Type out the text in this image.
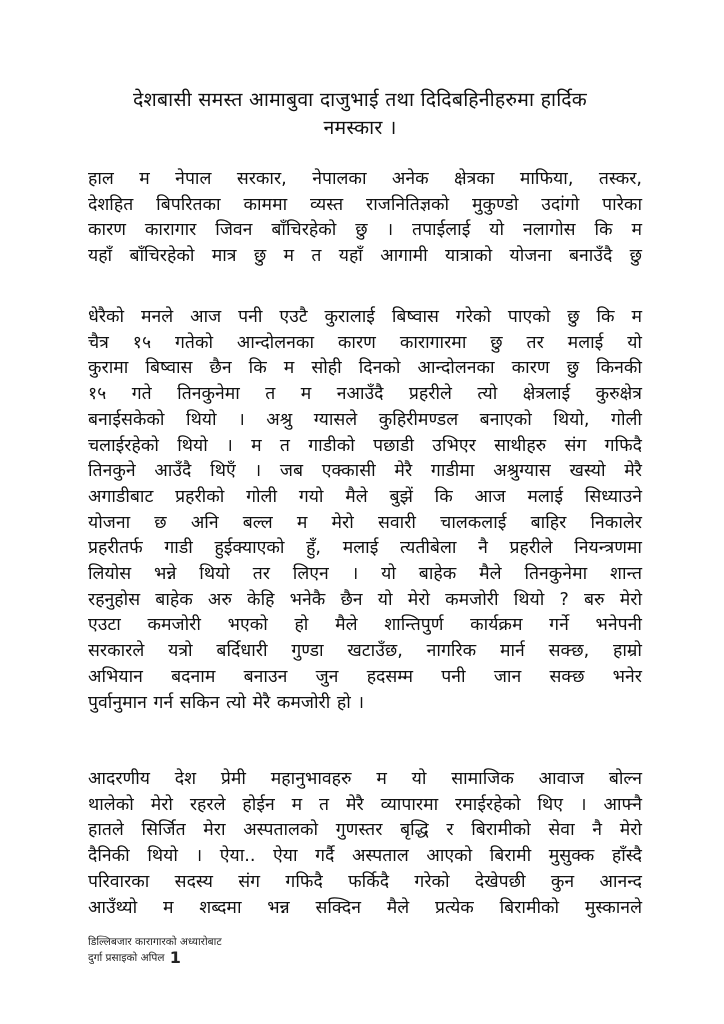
देशबासी समस्त आमाबुवा दाजुभाई तथा दिदिबहिनीहरुमा हार्दिक
नमस्कार ।
हाल म नेपाल सरकार, नेपालका अनेक क्षेत्रका माफिया, तस्कर,
देशहित बिपरितका काममा व्यस्त राजनितिज्ञको मुकुण्डो उदांगो पारेका
कारण कारागार जिवन बाँचिरहेको छु । तपाईलाई यो नलागोस कि म
यहाँ बाँचिरहेको मात्र छु म त यहाँ आगामी यात्राको योजना बनाउँदै छु
धेरैको मनले आज पनी एउटै कुरालाई बिष्वास गरेको पाएको छु कि म
चैत्र १५ गतेको आन्दोलनका कारण कारागारमा छु तर मलाई यो
कुरामा बिष्वास छैन कि म सोही दिनको आन्दोलनका कारण छु किनकी
१५ गते तिनकुनेमा त म नआउँदै प्रहरीले त्यो क्षेत्रलाई कुरुक्षेत्र
बनाईसकेको थियो । अश्रु ग्यासले कुहिरीमण्डल बनाएको थियो, गोली
चलाईरहेको थियो । म त गाडीको पछाडी उभिएर साथीहरु संग गफिदै
तिनकुने आउँदै थिएँ । जब एक्कासी मेरै गाडीमा अश्रुग्यास खस्यो मेरै
अगाडीबाट प्रहरीको गोली गयो मैले बुझें कि आज मलाई सिध्याउने
योजना छ अनि बल्ल म मेरो सवारी चालकलाई बाहिर निकालेर
प्रहरीतर्फ गाडी हुईक्याएको हुँ, मलाई त्यतीबेला नै प्रहरीले नियन्त्रणमा
लियोस भन्ने थियो तर लिएन । यो बाहेक मैले तिनकुनेमा शान्त
रहनुहोस बाहेक अरु केहि भनेकै छैन यो मेरो कमजोरी थियो ? बरु मेरो
एउटा कमजोरी भएको हो मैले शान्तिपुर्ण कार्यक्रम गर्ने भनेपनी
सरकारले यत्रो बर्दिधारी गुण्डा खटाउँछ, नागरिक मार्न सक्छ, हाम्रो
अभियान बदनाम बनाउन जुन हदसम्म पनी जान सक्छ भनेर
पुर्वानुमान गर्न सकिन त्यो मेरै कमजोरी हो ।
आदरणीय देश प्रेमी महानुभावहरु म यो सामाजिक आवाज बोल्न
थालेको मेरो रहरले होईन म त मेरै व्यापारमा रमाईरहेको थिए । आफ्नै
हातले सिर्जित मेरा अस्पतालको गुणस्तर बृद्धि र बिरामीको सेवा नै मेरो
दैनिकी थियो । ऐया.. ऐया गर्दै अस्पताल आएको बिरामी मुसुक्क हाँस्दै
परिवारका सदस्य संग गफिदै फर्किदै गरेको देखेपछी कुन आनन्द
आउँथ्यो म शब्दमा भन्न सक्दिन मैले प्रत्येक बिरामीको मुस्कानले
डिल्लिबजार कारागारको अध्यारोबाट
दुर्गा प्रसाइको अपिल 1
